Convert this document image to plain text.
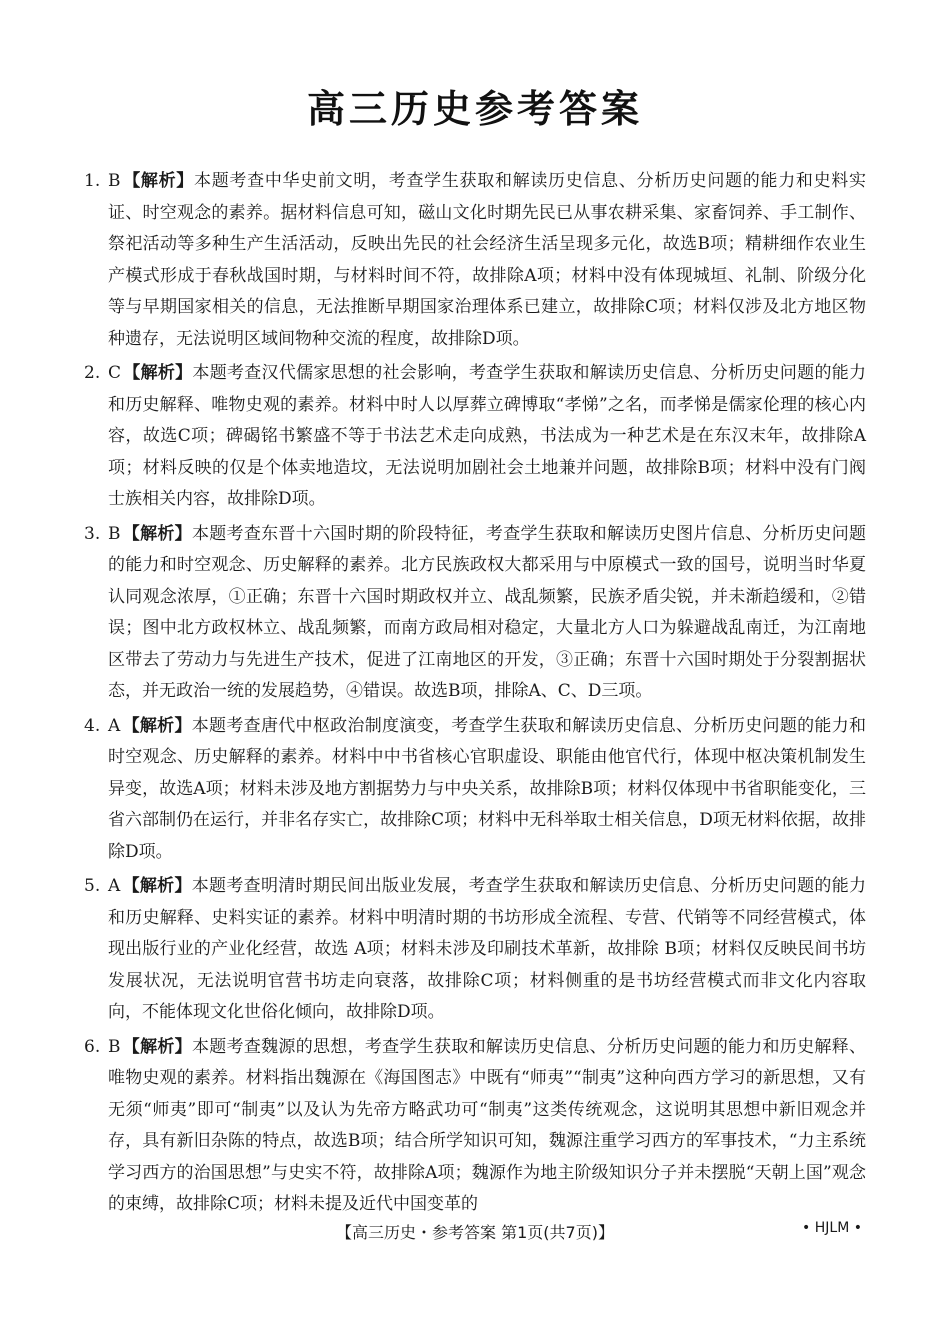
高三历史参考答案
1. B 【解析】本题考查中华史前文明，考查学生获取和解读历史信息、分析历史问题的能力和史料实证、时空观念的素养。据材料信息可知，磁山文化时期先民已从事农耕采集、家畜饲养、手工制作、祭祀活动等多种生产生活活动，反映出先民的社会经济生活呈现多元化，故选B项；精耕细作农业生产模式形成于春秋战国时期，与材料时间不符，故排除A项；材料中没有体现城垣、礼制、阶级分化等与早期国家相关的信息，无法推断早期国家治理体系已建立，故排除C项；材料仅涉及北方地区物种遗存，无法说明区域间物种交流的程度，故排除D项。
2. C 【解析】本题考查汉代儒家思想的社会影响，考查学生获取和解读历史信息、分析历史问题的能力和历史解释、唯物史观的素养。材料中时人以厚葬立碑博取“孝悌”之名，而孝悌是儒家伦理的核心内容，故选C项；碑碣铭书繁盛不等于书法艺术走向成熟，书法成为一种艺术是在东汉末年，故排除A项；材料反映的仅是个体卖地造坟，无法说明加剧社会土地兼并问题，故排除B项；材料中没有门阀士族相关内容，故排除D项。
3. B 【解析】本题考查东晋十六国时期的阶段特征，考查学生获取和解读历史图片信息、分析历史问题的能力和时空观念、历史解释的素养。北方民族政权大都采用与中原模式一致的国号，说明当时华夏认同观念浓厚，①正确；东晋十六国时期政权并立、战乱频繁，民族矛盾尖锐，并未渐趋缓和，②错误；图中北方政权林立、战乱频繁，而南方政局相对稳定，大量北方人口为躲避战乱南迁，为江南地区带去了劳动力与先进生产技术，促进了江南地区的开发，③正确；东晋十六国时期处于分裂割据状态，并无政治一统的发展趋势，④错误。故选B项，排除A、C、D三项。
4. A 【解析】本题考查唐代中枢政治制度演变，考查学生获取和解读历史信息、分析历史问题的能力和时空观念、历史解释的素养。材料中中书省核心官职虚设、职能由他官代行，体现中枢决策机制发生异变，故选A项；材料未涉及地方割据势力与中央关系，故排除B项；材料仅体现中书省职能变化，三省六部制仍在运行，并非名存实亡，故排除C项；材料中无科举取士相关信息，D项无材料依据，故排除D项。
5. A 【解析】本题考查明清时期民间出版业发展，考查学生获取和解读历史信息、分析历史问题的能力和历史解释、史料实证的素养。材料中明清时期的书坊形成全流程、专营、代销等不同经营模式，体现出版行业的产业化经营，故选 A项；材料未涉及印刷技术革新，故排除 B项；材料仅反映民间书坊发展状况，无法说明官营书坊走向衰落，故排除C项；材料侧重的是书坊经营模式而非文化内容取向，不能体现文化世俗化倾向，故排除D项。
6. B 【解析】本题考查魏源的思想，考查学生获取和解读历史信息、分析历史问题的能力和历史解释、唯物史观的素养。材料指出魏源在《海国图志》中既有“师夷”“制夷”这种向西方学习的新思想，又有无须“师夷”即可“制夷”以及认为先帝方略武功可“制夷”这类传统观念，这说明其思想中新旧观念并存，具有新旧杂陈的特点，故选B项；结合所学知识可知，魏源注重学习西方的军事技术，“力主系统学习西方的治国思想”与史实不符，故排除A项；魏源作为地主阶级知识分子并未摆脱“天朝上国”观念的束缚，故排除C项；材料未提及近代中国变革的
【高三历史・参考答案 第1页(共7页)】	• HJLM •
